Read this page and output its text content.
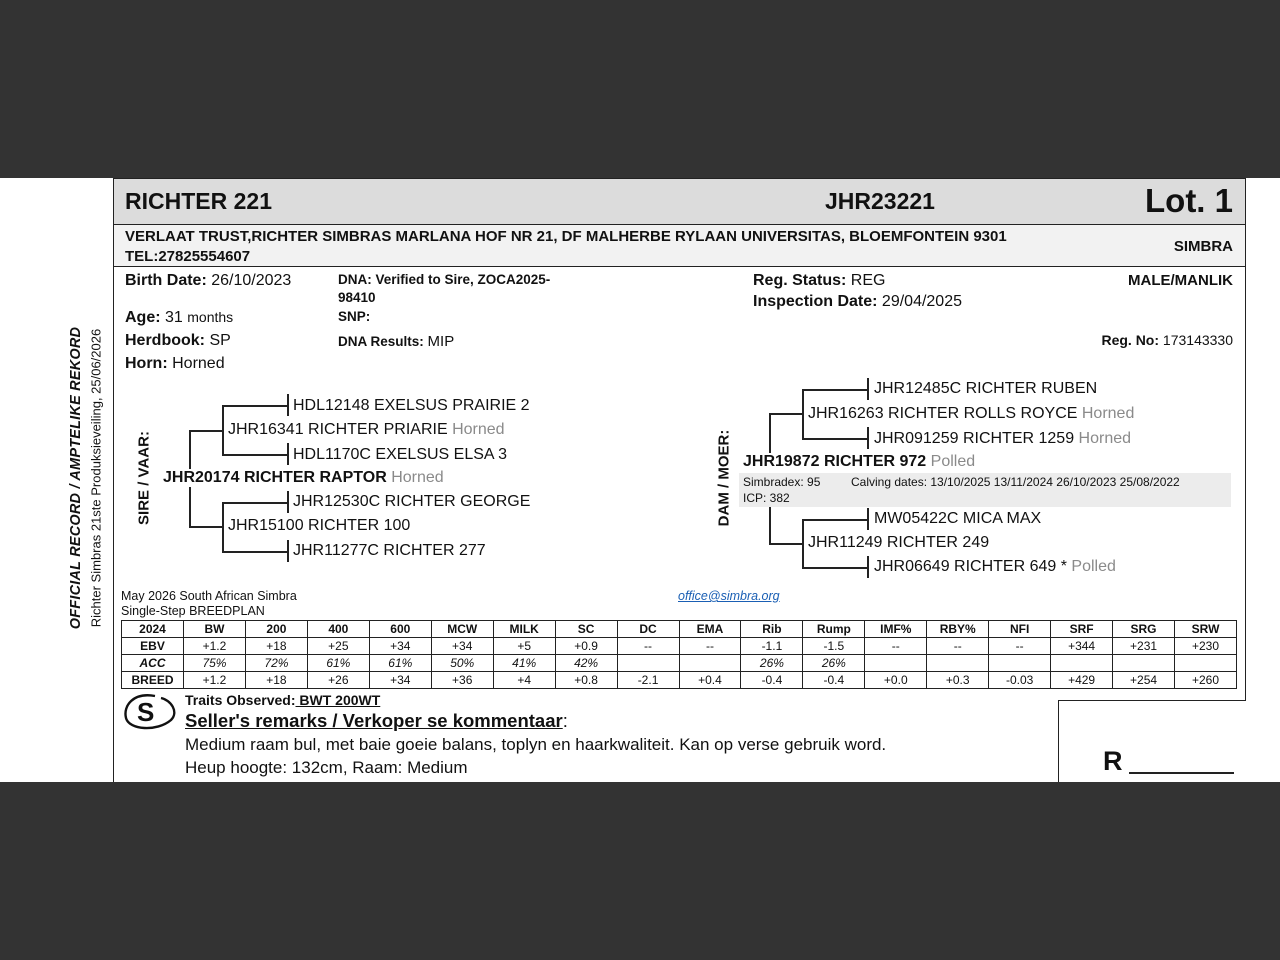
OFFICIAL RECORD / AMPTELIKE REKORD Richter Simbras 21ste Produksieveiling, 25/06/2026
RICHTER 221	JHR23221	Lot. 1
VERLAAT TRUST,RICHTER SIMBRAS MARLANA HOF NR 21, DF MALHERBE RYLAAN UNIVERSITAS, BLOEMFONTEIN 9301
TEL:27825554607
SIMBRA
Birth Date: 26/10/2023
Age: 31 months
Herdbook: SP
Horn: Horned
DNA: Verified to Sire, ZOCA2025-
98410
SNP:
DNA Results: MIP
Reg. Status: REG
Inspection Date: 29/04/2025
MALE/MANLIK
Reg. No: 173143330
SIRE / VAAR:
HDL12148 EXELSUS PRAIRIE 2
JHR16341 RICHTER PRIARIE Horned
HDL1170C EXELSUS ELSA 3
JHR20174 RICHTER RAPTOR Horned
JHR12530C RICHTER GEORGE
JHR15100 RICHTER 100
JHR11277C RICHTER 277
DAM / MOER:
JHR12485C RICHTER RUBEN
JHR16263 RICHTER ROLLS ROYCE Horned
JHR091259 RICHTER 1259 Horned
JHR19872 RICHTER 972 Polled
Simbradex: 95	Calving dates: 13/10/2025 13/11/2024 26/10/2023 25/08/2022
ICP: 382
MW05422C MICA MAX
JHR11249 RICHTER 249
JHR06649 RICHTER 649 * Polled
May 2026 South African Simbra
Single-Step BREEDPLAN
office@simbra.org
2024	BW	200	400	600	MCW	MILK	SC	DC	EMA	Rib	Rump	IMF%	RBY%	NFI	SRF	SRG	SRW
EBV	+1.2	+18	+25	+34	+34	+5	+0.9	--	--	-1.1	-1.5	--	--	--	+344	+231	+230
ACC	75%	72%	61%	61%	50%	41%	42%			26%	26%						
BREED	+1.2	+18	+26	+34	+36	+4	+0.8	-2.1	+0.4	-0.4	-0.4	+0.0	+0.3	-0.03	+429	+254	+260
Traits Observed: BWT 200WT
S Seller's remarks / Verkoper se kommentaar:
Medium raam bul, met baie goeie balans, toplyn en haarkwaliteit. Kan op verse gebruik word.
Heup hoogte: 132cm, Raam: Medium	R
